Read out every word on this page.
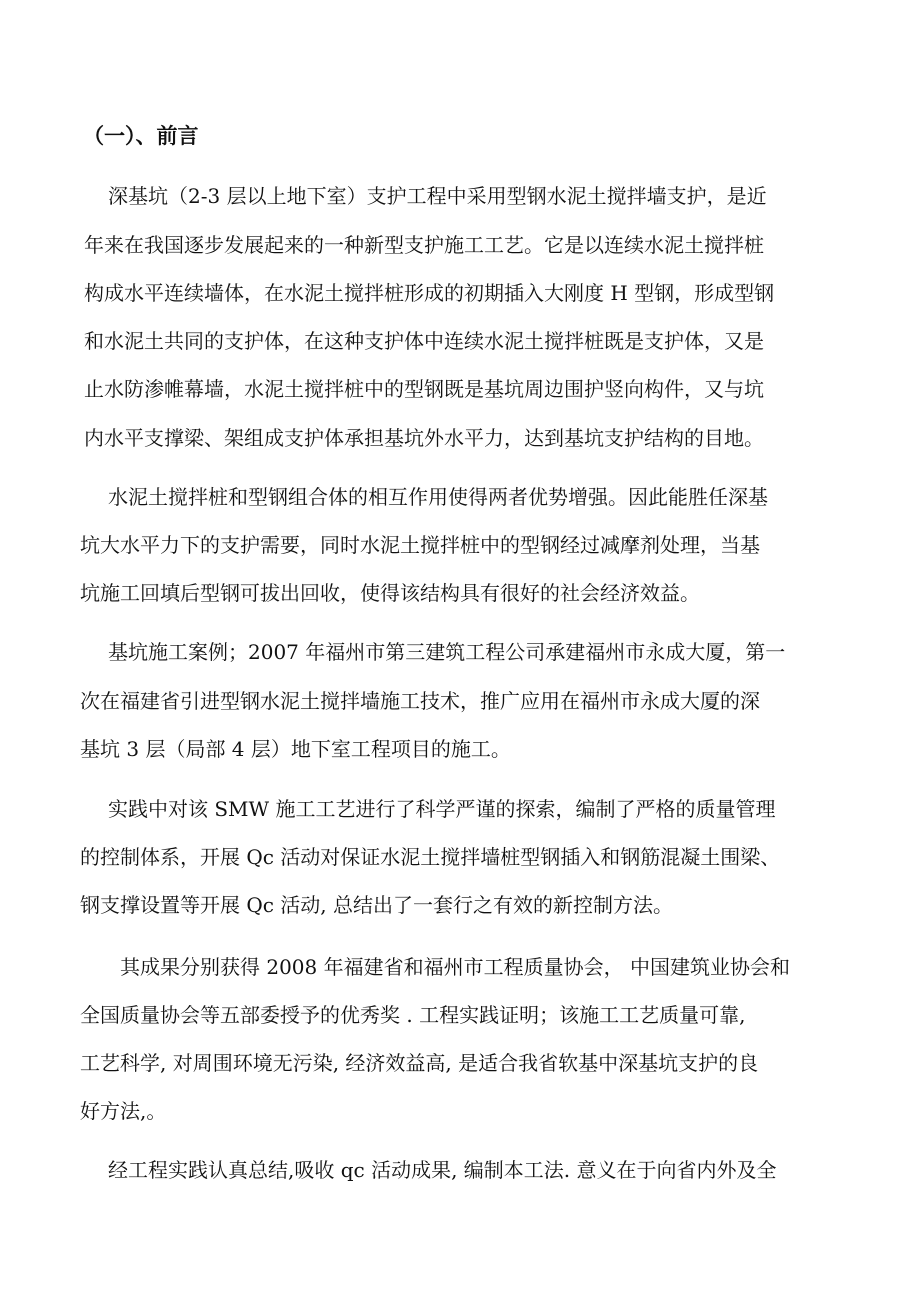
（一）、前言
深基坑（2-3 层以上地下室）支护工程中采用型钢水泥土搅拌墙支护，是近
年来在我国逐步发展起来的一种新型支护施工工艺。它是以连续水泥土搅拌桩
构成水平连续墙体，在水泥土搅拌桩形成的初期插入大刚度 H 型钢，形成型钢
和水泥土共同的支护体，在这种支护体中连续水泥土搅拌桩既是支护体，又是
止水防渗帷幕墙，水泥土搅拌桩中的型钢既是基坑周边围护竖向构件，又与坑
内水平支撑梁、架组成支护体承担基坑外水平力，达到基坑支护结构的目地。
水泥土搅拌桩和型钢组合体的相互作用使得两者优势增强。因此能胜任深基
坑大水平力下的支护需要，同时水泥土搅拌桩中的型钢经过减摩剂处理，当基
坑施工回填后型钢可拔出回收，使得该结构具有很好的社会经济效益。
基坑施工案例；2007 年福州市第三建筑工程公司承建福州市永成大厦，第一
次在福建省引进型钢水泥土搅拌墙施工技术，推广应用在福州市永成大厦的深
基坑 3 层（局部 4 层）地下室工程项目的施工。
实践中对该 SMW 施工工艺进行了科学严谨的探索，编制了严格的质量管理
的控制体系，开展 Qc 活动对保证水泥土搅拌墙桩型钢插入和钢筋混凝土围梁、
钢支撑设置等开展 Qc 活动, 总结出了一套行之有效的新控制方法。
其成果分别获得 2008 年福建省和福州市工程质量协会， 中国建筑业协会和
全国质量协会等五部委授予的优秀奖 . 工程实践证明；该施工工艺质量可靠,
工艺科学, 对周围环境无污染, 经济效益高, 是适合我省软基中深基坑支护的良
好方法,。
经工程实践认真总结,吸收 qc 活动成果, 编制本工法. 意义在于向省内外及全
